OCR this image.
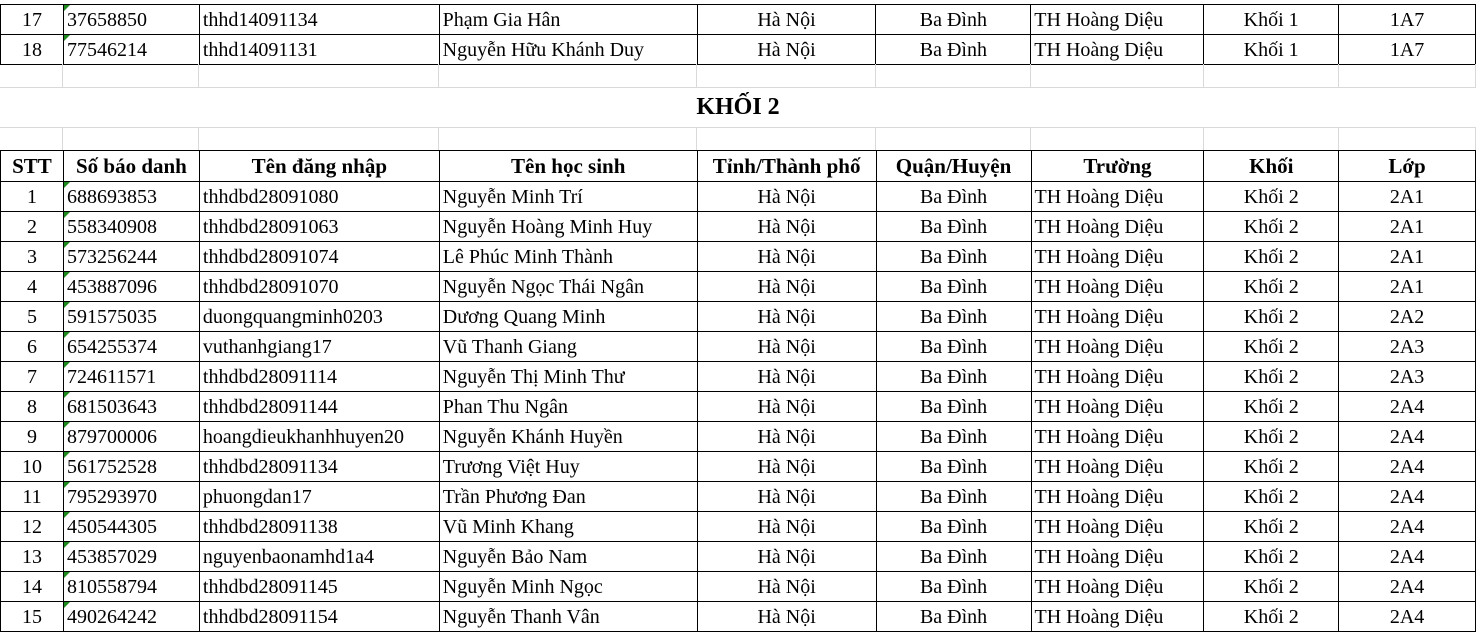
17	37658850	thhd14091134	Phạm Gia Hân	Hà Nội	Ba Đình	TH Hoàng Diệu	Khối 1	1A7
18	77546214	thhd14091131	Nguyễn Hữu Khánh Duy	Hà Nội	Ba Đình	TH Hoàng Diệu	Khối 1	1A7

KHỐI 2

STT	Số báo danh	Tên đăng nhập	Tên học sinh	Tỉnh/Thành phố	Quận/Huyện	Trường	Khối	Lớp
1	688693853	thhdbd28091080	Nguyễn Minh Trí	Hà Nội	Ba Đình	TH Hoàng Diệu	Khối 2	2A1
2	558340908	thhdbd28091063	Nguyễn Hoàng Minh Huy	Hà Nội	Ba Đình	TH Hoàng Diệu	Khối 2	2A1
3	573256244	thhdbd28091074	Lê Phúc Minh Thành	Hà Nội	Ba Đình	TH Hoàng Diệu	Khối 2	2A1
4	453887096	thhdbd28091070	Nguyễn Ngọc Thái Ngân	Hà Nội	Ba Đình	TH Hoàng Diệu	Khối 2	2A1
5	591575035	duongquangminh0203	Dương Quang Minh	Hà Nội	Ba Đình	TH Hoàng Diệu	Khối 2	2A2
6	654255374	vuthanhgiang17	Vũ Thanh Giang	Hà Nội	Ba Đình	TH Hoàng Diệu	Khối 2	2A3
7	724611571	thhdbd28091114	Nguyễn Thị Minh Thư	Hà Nội	Ba Đình	TH Hoàng Diệu	Khối 2	2A3
8	681503643	thhdbd28091144	Phan Thu Ngân	Hà Nội	Ba Đình	TH Hoàng Diệu	Khối 2	2A4
9	879700006	hoangdieukhanhhuyen20	Nguyễn Khánh Huyền	Hà Nội	Ba Đình	TH Hoàng Diệu	Khối 2	2A4
10	561752528	thhdbd28091134	Trương Việt Huy	Hà Nội	Ba Đình	TH Hoàng Diệu	Khối 2	2A4
11	795293970	phuongdan17	Trần Phương Đan	Hà Nội	Ba Đình	TH Hoàng Diệu	Khối 2	2A4
12	450544305	thhdbd28091138	Vũ Minh Khang	Hà Nội	Ba Đình	TH Hoàng Diệu	Khối 2	2A4
13	453857029	nguyenbaonamhd1a4	Nguyễn Bảo Nam	Hà Nội	Ba Đình	TH Hoàng Diệu	Khối 2	2A4
14	810558794	thhdbd28091145	Nguyễn Minh Ngọc	Hà Nội	Ba Đình	TH Hoàng Diệu	Khối 2	2A4
15	490264242	thhdbd28091154	Nguyễn Thanh Vân	Hà Nội	Ba Đình	TH Hoàng Diệu	Khối 2	2A4
